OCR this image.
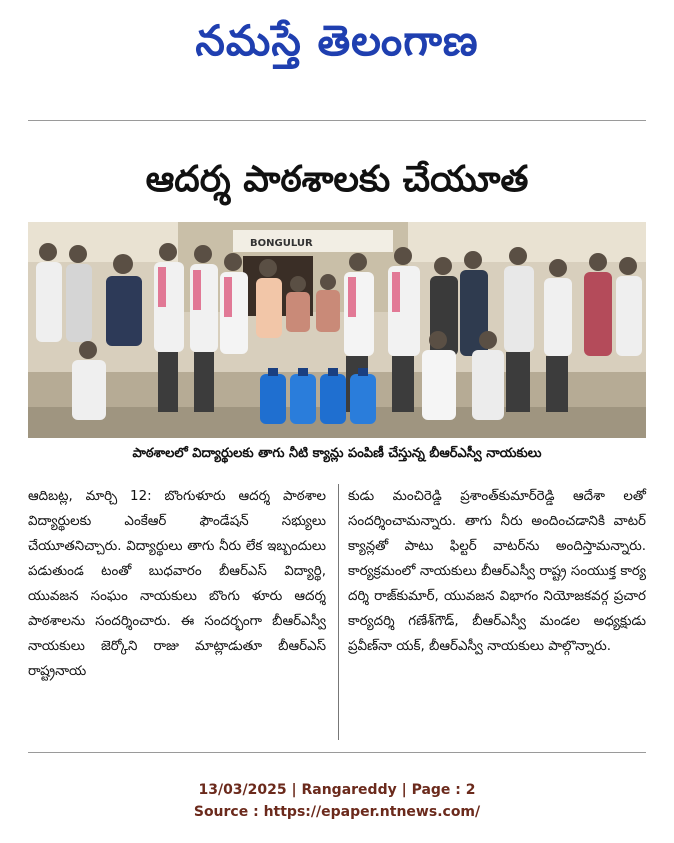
నమస్తే తెలంగాణ
ఆదర్శ పాఠశాలకు చేయూత
BONGULUR
పాఠశాలలో విద్యార్థులకు తాగు నీటి క్యాన్లు పంపిణీ చేస్తున్న బీఆర్‌ఎస్వీ నాయకులు
ఆదిబట్ల, మార్చి 12: బొంగుళూరు ఆదర్శ పాఠశాల విద్యార్థులకు ఎంకేఆర్ ఫౌండేషన్ సభ్యులు చేయూతనిచ్చారు. విద్యార్థులు తాగు నీరు లేక ఇబ్బందులు పడుతుండ టంతో బుధవారం బీఆర్‌ఎస్ విద్యార్థి, యువజన సంఘం నాయకులు బొంగు ళూరు ఆదర్శ పాఠశాలను సందర్శించారు. ఈ సందర్భంగా బీఆర్‌ఎస్వీ నాయకులు జెర్కోని రాజు మాట్లాడుతూ బీఆర్‌ఎస్ రాష్ట్రనాయ
కుడు మంచిరెడ్డి ప్రశాంత్‌కుమార్‌రెడ్డి ఆదేశా లతో సందర్శించామన్నారు. తాగు నీరు అందించడానికి వాటర్ క్యాన్లతో పాటు ఫిల్టర్ వాటర్‌ను అందిస్తామన్నారు. కార్యక్రమంలో నాయకులు బీఆర్‌ఎస్వీ రాష్ట్ర సంయుక్త కార్య దర్శి రాజ్‌కుమార్, యువజన విభాగం నియోజకవర్గ ప్రచార కార్యదర్శి గణేశ్‌గౌడ్, బీఆర్‌ఎస్వీ మండల అధ్యక్షుడు ప్రవీణ్‌నా యక్, బీఆర్‌ఎస్వీ నాయకులు పాల్గొన్నారు.
13/03/2025 | Rangareddy | Page : 2
Source : https://epaper.ntnews.com/
